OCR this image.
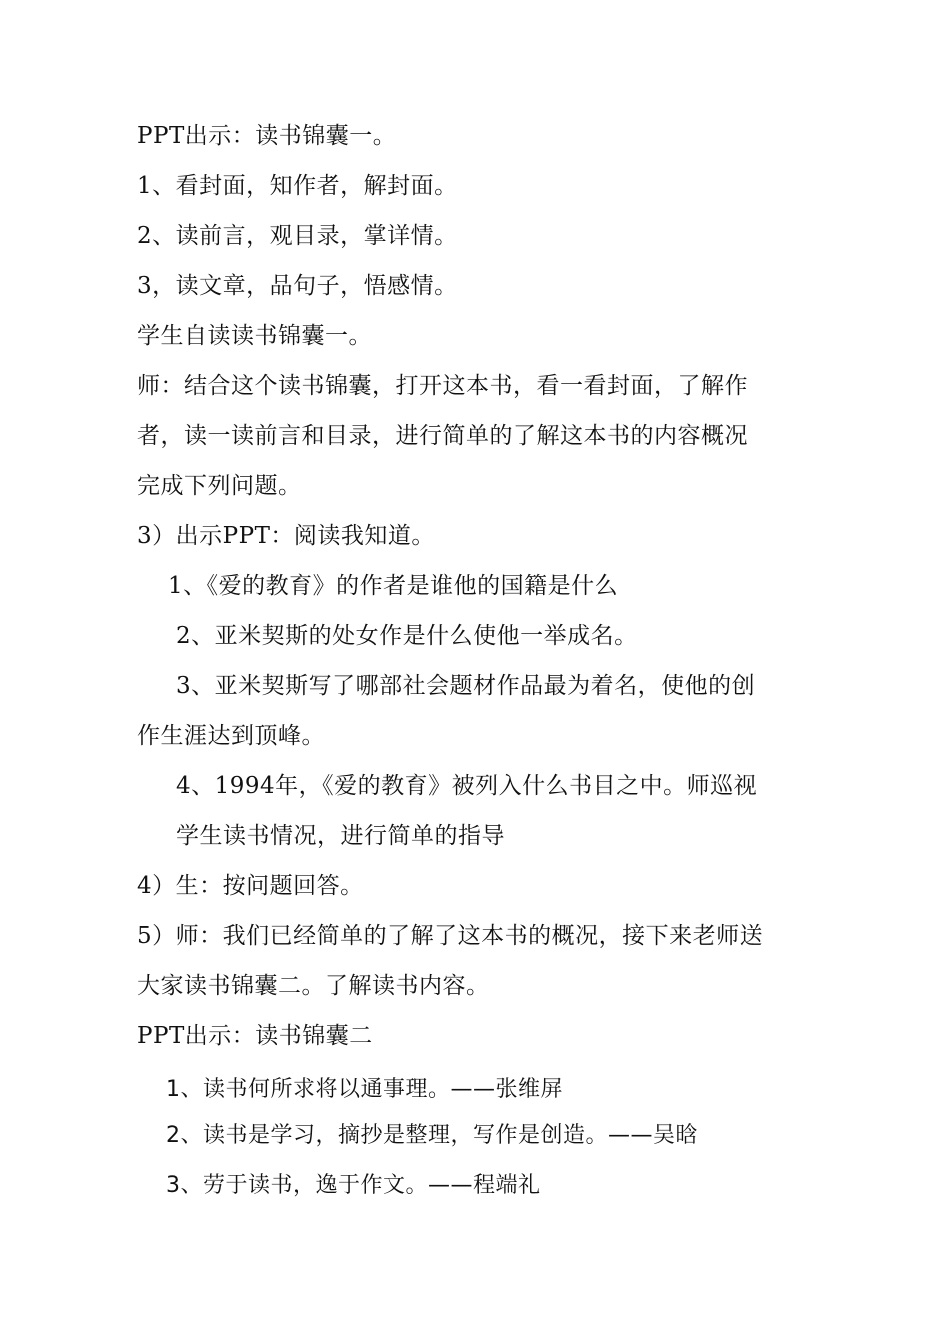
PPT出示：读书锦囊一。
1、看封面，知作者，解封面。
2、读前言，观目录，掌详情。
3，读文章，品句子，悟感情。
学生自读读书锦囊一。
师：结合这个读书锦囊，打开这本书，看一看封面，了解作
者，读一读前言和目录，进行简单的了解这本书的内容概况
完成下列问题。
3）出示PPT：阅读我知道。
1、《爱的教育》的作者是谁他的国籍是什么
2、亚米契斯的处女作是什么使他一举成名。
3、亚米契斯写了哪部社会题材作品最为着名，使他的创
作生涯达到顶峰。
4、1994年，《爱的教育》被列入什么书目之中。师巡视
学生读书情况，进行简单的指导
4）生：按问题回答。
5）师：我们已经简单的了解了这本书的概况，接下来老师送
大家读书锦囊二。了解读书内容。
PPT出示：读书锦囊二
1、读书何所求将以通事理。——张维屏
2、读书是学习，摘抄是整理，写作是创造。——吴晗
3、劳于读书，逸于作文。——程端礼
